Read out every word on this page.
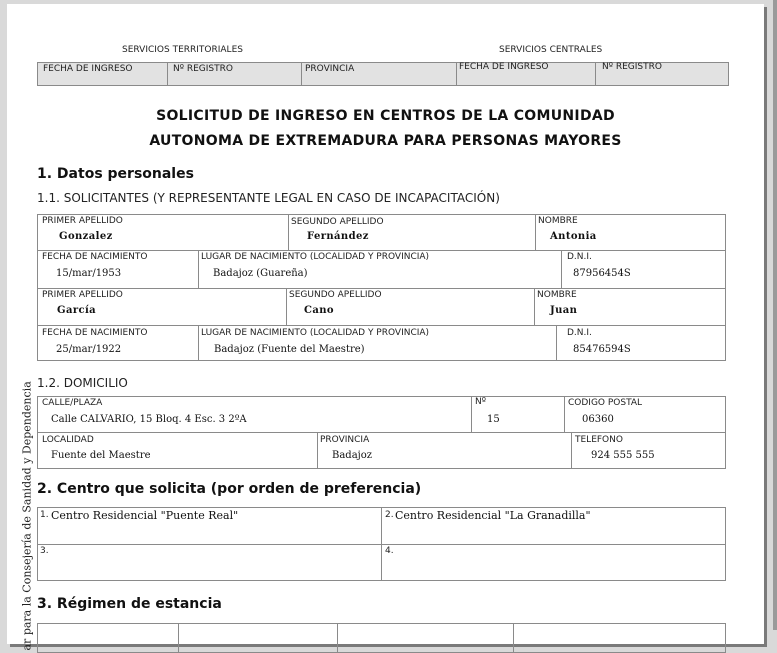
SERVICIOS TERRITORIALES	SERVICIOS CENTRALES
FECHA DE INGRESO	Nº REGISTRO	PROVINCIA	FECHA DE INGRESO	Nº REGISTRO
SOLICITUD DE INGRESO EN CENTROS DE LA COMUNIDAD
AUTONOMA DE EXTREMADURA PARA PERSONAS MAYORES
1. Datos personales
1.1. SOLICITANTES (Y REPRESENTANTE LEGAL EN CASO DE INCAPACITACIÓN)
PRIMER APELLIDO	SEGUNDO APELLIDO	NOMBRE
Gonzalez	Fernández	Antonia
FECHA DE NACIMIENTO	LUGAR DE NACIMIENTO (LOCALIDAD Y PROVINCIA)	D.N.I.
15/mar/1953	Badajoz (Guareña)	87956454S
PRIMER APELLIDO	SEGUNDO APELLIDO	NOMBRE
García	Cano	Juan
FECHA DE NACIMIENTO	LUGAR DE NACIMIENTO (LOCALIDAD Y PROVINCIA)	D.N.I.
25/mar/1922	Badajoz (Fuente del Maestre)	85476594S
1.2. DOMICILIO
CALLE/PLAZA	Nº	CODIGO POSTAL
Calle CALVARIO, 15 Bloq. 4 Esc. 3 2ºA	15	06360
LOCALIDAD	PROVINCIA	TELEFONO
Fuente del Maestre	Badajoz	924 555 555
2. Centro que solicita (por orden de preferencia)
1. Centro Residencial "Puente Real"	2. Centro Residencial "La Granadilla"
3.	4.
3. Régimen de estancia
ar para la Consejería de Sanidad y Dependencia
